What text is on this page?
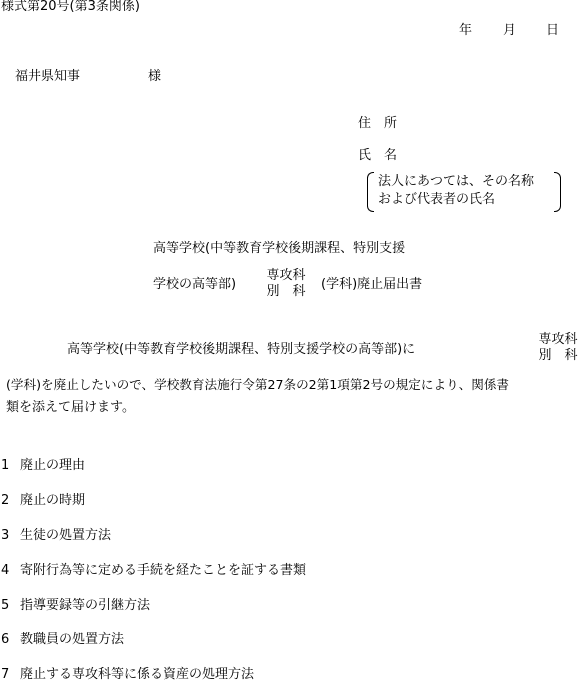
様式第20号(第3条関係)
年 月 日
福井県知事	様
住　所
氏　名
法人にあつては、その名称
および代表者の氏名
高等学校(中等教育学校後期課程、特別支援
学校の高等部)
専攻科
別　科	(学科)廃止届出書
高等学校(中等教育学校後期課程、特別支援学校の高等部)に
専攻科
別　科
(学科)を廃止したいので、学校教育法施行令第27条の2第1項第2号の規定により、関係書
類を添えて届けます。
1 廃止の理由
2 廃止の時期
3 生徒の処置方法
4 寄附行為等に定める手続を経たことを証する書類
5 指導要録等の引継方法
6 教職員の処置方法
7 廃止する専攻科等に係る資産の処理方法
